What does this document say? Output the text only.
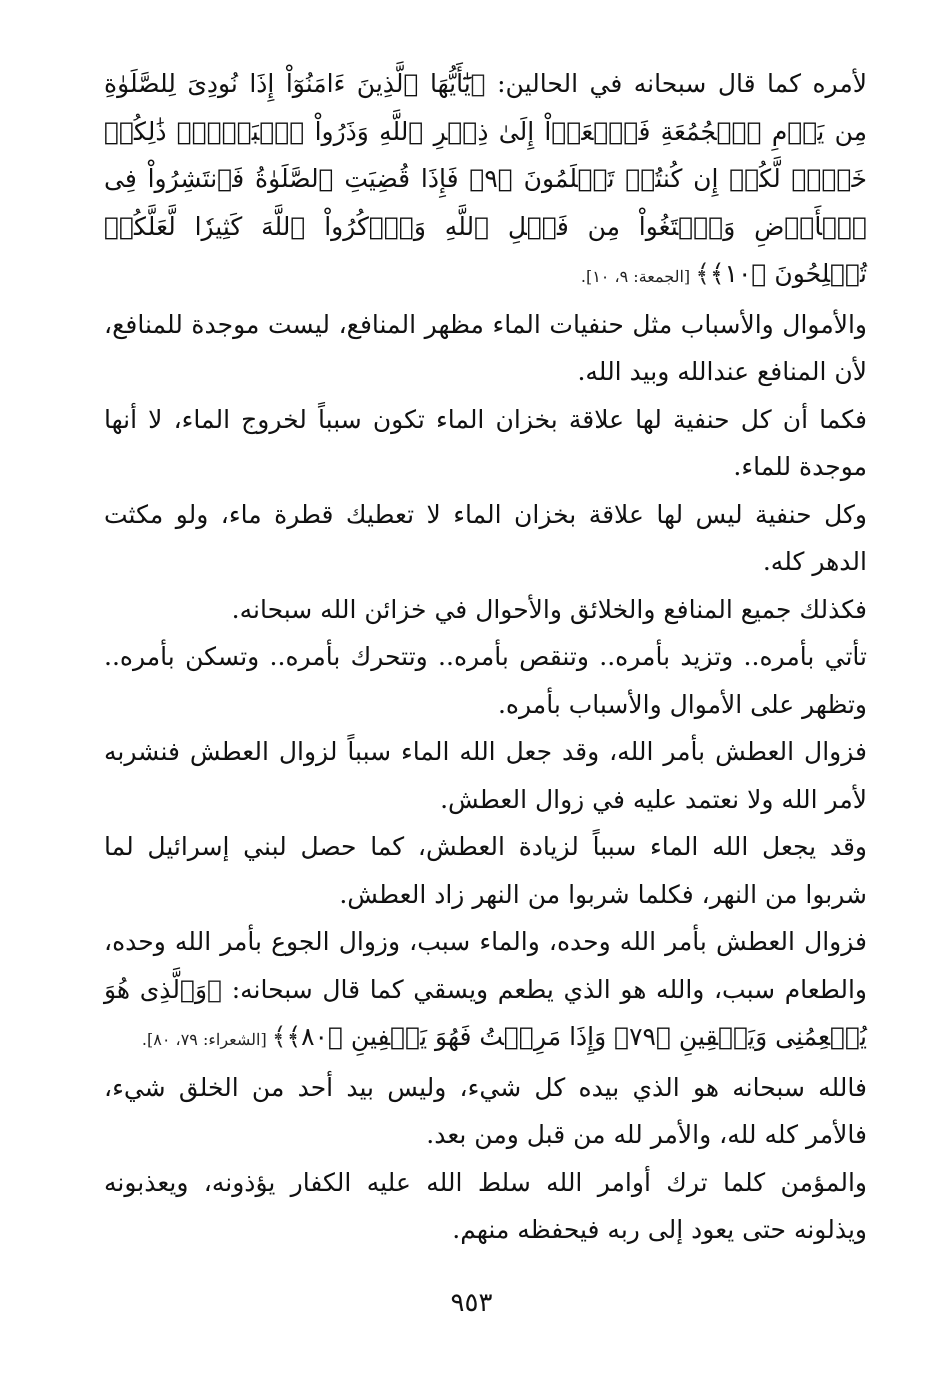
لأمره كما قال سبحانه في الحالين: ﴿يَٰٓأَيُّهَا ٱلَّذِينَ ءَامَنُوٓاْ إِذَا نُودِىَ لِلصَّلَوٰةِ مِن يَوۡمِ ٱلۡجُمُعَةِ فَٱسۡعَوۡاْ إِلَىٰ ذِكۡرِ ٱللَّهِ وَذَرُواْ ٱلۡبَيۡعَۚ ذَٰلِكُمۡ خَيۡرٞ لَّكُمۡ إِن كُنتُمۡ تَعۡلَمُونَ ﴿٩﴾ فَإِذَا قُضِيَتِ ٱلصَّلَوٰةُ فَٱنتَشِرُواْ فِى ٱلۡأَرۡضِ وَٱبۡتَغُواْ مِن فَضۡلِ ٱللَّهِ وَٱذۡكُرُواْ ٱللَّهَ كَثِيرٗا لَّعَلَّكُمۡ تُفۡلِحُونَ ﴿١٠﴾﴾ [الجمعة: ٩، ١٠].

والأموال والأسباب مثل حنفيات الماء مظهر المنافع، ليست موجدة للمنافع، لأن المنافع عندالله وبيد الله.

فكما أن كل حنفية لها علاقة بخزان الماء تكون سبباً لخروج الماء، لا أنها موجدة للماء.

وكل حنفية ليس لها علاقة بخزان الماء لا تعطيك قطرة ماء، ولو مكثت الدهر كله.

فكذلك جميع المنافع والخلائق والأحوال في خزائن الله سبحانه.

تأتي بأمره.. وتزيد بأمره.. وتنقص بأمره.. وتتحرك بأمره.. وتسكن بأمره.. وتظهر على الأموال والأسباب بأمره.

فزوال العطش بأمر الله، وقد جعل الله الماء سبباً لزوال العطش فنشربه لأمر الله ولا نعتمد عليه في زوال العطش.

وقد يجعل الله الماء سبباً لزيادة العطش، كما حصل لبني إسرائيل لما شربوا من النهر، فكلما شربوا من النهر زاد العطش.

فزوال العطش بأمر الله وحده، والماء سبب، وزوال الجوع بأمر الله وحده، والطعام سبب، والله هو الذي يطعم ويسقي كما قال سبحانه: ﴿وَٱلَّذِى هُوَ يُطۡعِمُنِى وَيَسۡقِينِ ﴿٧٩﴾ وَإِذَا مَرِضۡتُ فَهُوَ يَشۡفِينِ ﴿٨٠﴾﴾ [الشعراء: ٧٩، ٨٠].

فالله سبحانه هو الذي بيده كل شيء، وليس بيد أحد من الخلق شيء، فالأمر كله لله، والأمر لله من قبل ومن بعد.

والمؤمن كلما ترك أوامر الله سلط الله عليه الكفار يؤذونه، ويعذبونه ويذلونه حتى يعود إلى ربه فيحفظه منهم.

٩٥٣
